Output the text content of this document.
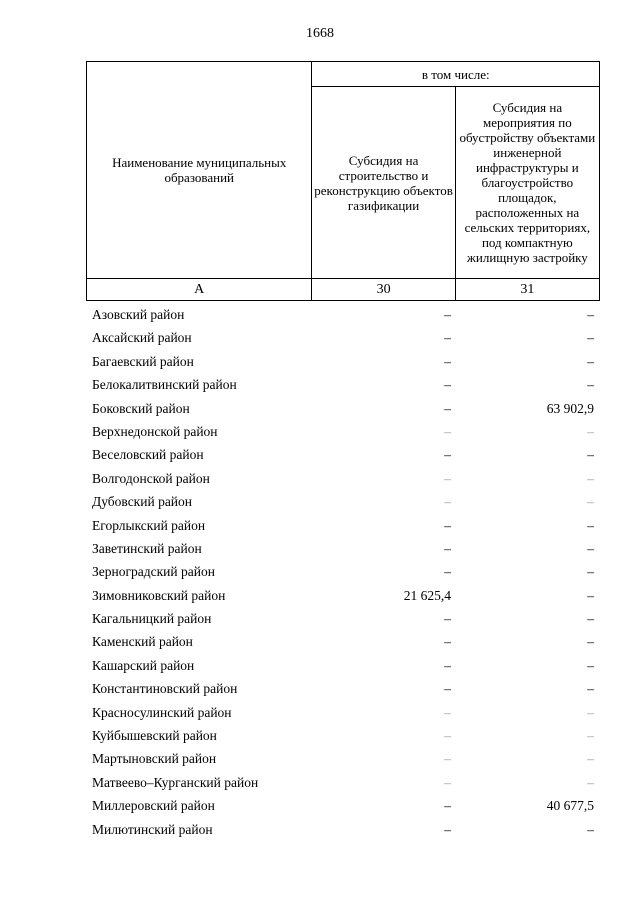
1668
Наименование муниципальных образований	в том числе:	
	Субсидия на строительство и реконструкцию объектов газификации	Субсидия на мероприятия по обустройству объектами инженерной инфраструктуры и благоустройство площадок, расположенных на сельских территориях, под компактную жилищную застройку
А	30	31
Азовский район	–	–
Аксайский район	–	–
Багаевский район	–	–
Белокалитвинский район	–	–
Боковский район	–	63 902,9
Верхнедонской район	–	–
Веселовский район	–	–
Волгодонской район	–	–
Дубовский район	–	–
Егорлыкский район	–	–
Заветинский район	–	–
Зерноградский район	–	–
Зимовниковский район	21 625,4	–
Кагальницкий район	–	–
Каменский район	–	–
Кашарский район	–	–
Константиновский район	–	–
Красносулинский район	–	–
Куйбышевский район	–	–
Мартыновский район	–	–
Матвеево–Курганский район	–	–
Миллеровский район	–	40 677,5
Милютинский район	–	–
